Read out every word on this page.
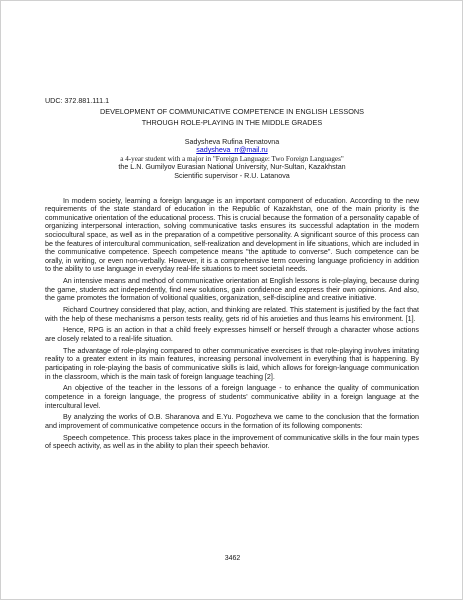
UDC: 372.881.111.1

DEVELOPMENT OF COMMUNICATIVE COMPETENCE IN ENGLISH LESSONS

THROUGH ROLE-PLAYING IN THE MIDDLE GRADES

Sadysheva Rufina Renatovna

sadysheva_rr@mail.ru

a 4-year student with a major in "Foreign Language: Two Foreign Languages"

the L.N. Gumilyov Eurasian National University, Nur-Sultan, Kazakhstan

Scientific supervisor - R.U. Latanova

In modern society, learning a foreign language is an important component of education. According to the new requirements of the state standard of education in the Republic of Kazakhstan, one of the main priority is the communicative orientation of the educational process. This is crucial because the formation of a personality capable of organizing interpersonal interaction, solving communicative tasks ensures its successful adaptation in the modern sociocultural space, as well as in the preparation of a competitive personality. A significant source of this process can be the features of intercultural communication, self-realization and development in life situations, which are included in the communicative competence. Speech competence means "the aptitude to converse". Such competence can be orally, in writing, or even non-verbally. However, it is a comprehensive term covering language proficiency in addition to the ability to use language in everyday real-life situations to meet societal needs.

An intensive means and method of communicative orientation at English lessons is role-playing, because during the game, students act independently, find new solutions, gain confidence and express their own opinions. And also, the game promotes the formation of volitional qualities, organization, self-discipline and creative initiative.

Richard Courtney considered that play, action, and thinking are related. This statement is justified by the fact that with the help of these mechanisms a person tests reality, gets rid of his anxieties and thus learns his environment. [1].

Hence, RPG is an action in that a child freely expresses himself or herself through a character whose actions are closely related to a real-life situation.

The advantage of role-playing compared to other communicative exercises is that role-playing involves imitating reality to a greater extent in its main features, increasing personal involvement in everything that is happening. By participating in role-playing the basis of communicative skills is laid, which allows for foreign-language communication in the classroom, which is the main task of foreign language teaching [2].

An objective of the teacher in the lessons of a foreign language - to enhance the quality of communication competence in a foreign language, the progress of students' communicative ability in a foreign language at the intercultural level.

By analyzing the works of O.B. Sharanova and E.Yu. Pogozheva we came to the conclusion that the formation and improvement of communicative competence occurs in the formation of its following components:

Speech competence. This process takes place in the improvement of communicative skills in the four main types of speech activity, as well as in the ability to plan their speech behavior.

3462
